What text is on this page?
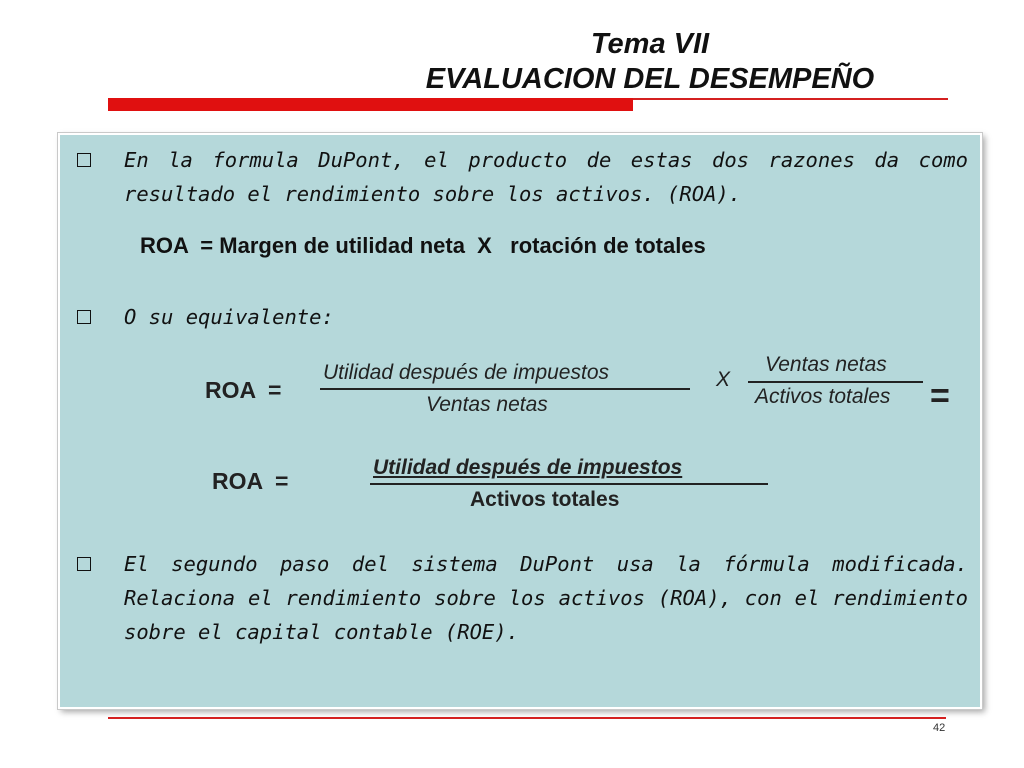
Tema VII
EVALUACION DEL DESEMPEÑO
En la formula DuPont, el producto de estas dos razones da como resultado el rendimiento sobre los activos. (ROA).
ROA  = Margen de utilidad neta  X   rotación de totales
O su equivalente:
ROA  =
Utilidad después de impuestos
Ventas netas
X
Ventas netas
Activos totales =
ROA  =
Utilidad después de impuestos
Activos totales
El segundo paso del sistema DuPont usa la fórmula modificada. Relaciona el rendimiento sobre los activos (ROA), con el rendimiento sobre el capital contable (ROE).
42
